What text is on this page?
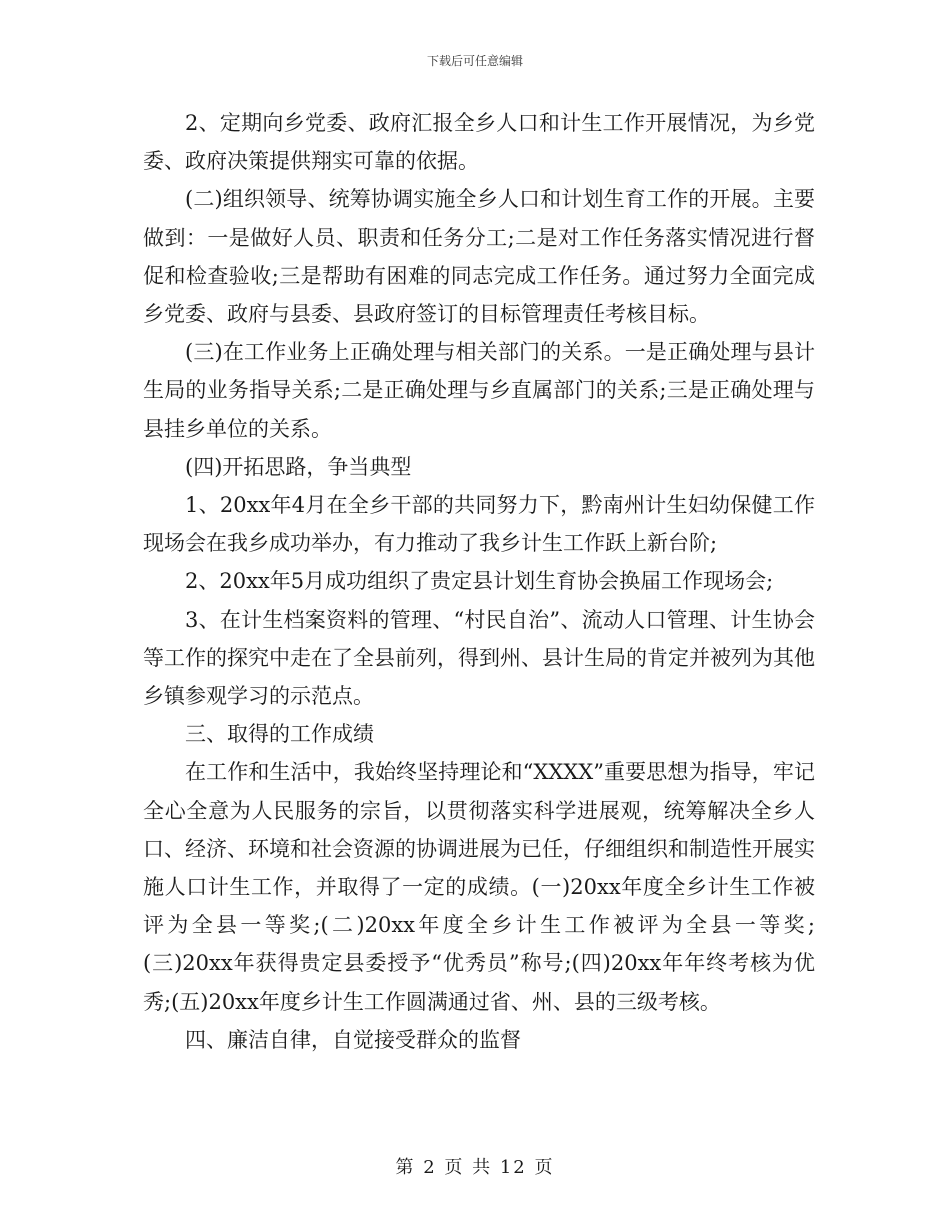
下载后可任意编辑

2、定期向乡党委、政府汇报全乡人口和计生工作开展情况，为乡党委、政府决策提供翔实可靠的依据。

(二)组织领导、统筹协调实施全乡人口和计划生育工作的开展。主要做到：一是做好人员、职责和任务分工;二是对工作任务落实情况进行督促和检查验收;三是帮助有困难的同志完成工作任务。通过努力全面完成乡党委、政府与县委、县政府签订的目标管理责任考核目标。

(三)在工作业务上正确处理与相关部门的关系。一是正确处理与县计生局的业务指导关系;二是正确处理与乡直属部门的关系;三是正确处理与县挂乡单位的关系。

(四)开拓思路，争当典型

1、20xx年4月在全乡干部的共同努力下，黔南州计生妇幼保健工作现场会在我乡成功举办，有力推动了我乡计生工作跃上新台阶;

2、20xx年5月成功组织了贵定县计划生育协会换届工作现场会;

3、在计生档案资料的管理、“村民自治”、流动人口管理、计生协会等工作的探究中走在了全县前列，得到州、县计生局的肯定并被列为其他乡镇参观学习的示范点。

三、取得的工作成绩

在工作和生活中，我始终坚持理论和“XXXX”重要思想为指导，牢记全心全意为人民服务的宗旨，以贯彻落实科学进展观，统筹解决全乡人口、经济、环境和社会资源的协调进展为已任，仔细组织和制造性开展实施人口计生工作，并取得了一定的成绩。(一)20xx年度全乡计生工作被评为全县一等奖;(二)20xx年度全乡计生工作被评为全县一等奖;(三)20xx年获得贵定县委授予“优秀员”称号;(四)20xx年年终考核为优秀;(五)20xx年度乡计生工作圆满通过省、州、县的三级考核。

四、廉洁自律，自觉接受群众的监督

第 2 页 共 12 页
